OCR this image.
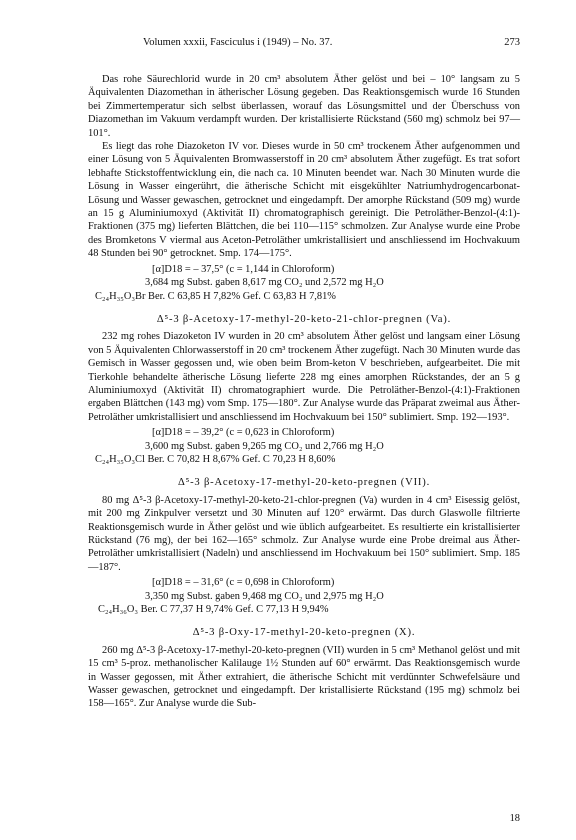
Volumen xxxii, Fasciculus i (1949) – No. 37.	273

Das rohe Säurechlorid wurde in 20 cm³ absolutem Äther gelöst und bei – 10° langsam zu 5 Äquivalenten Diazomethan in ätherischer Lösung gegeben. Das Reaktionsgemisch wurde 16 Stunden bei Zimmertemperatur sich selbst überlassen, worauf das Lösungsmittel und der Überschuss von Diazomethan im Vakuum verdampft wurden. Der kristallisierte Rückstand (560 mg) schmolz bei 97—101°.

Es liegt das rohe Diazoketon IV vor. Dieses wurde in 50 cm³ trockenem Äther aufgenommen und einer Lösung von 5 Äquivalenten Bromwasserstoff in 20 cm³ absolutem Äther zugefügt. Es trat sofort lebhafte Stickstoffentwicklung ein, die nach ca. 10 Minuten beendet war. Nach 30 Minuten wurde die Lösung in Wasser eingerührt, die ätherische Schicht mit eisgekühlter Natriumhydrogencarbonat-Lösung und Wasser gewaschen, getrocknet und eingedampft. Der amorphe Rückstand (509 mg) wurde an 15 g Aluminiumoxyd (Aktivität II) chromatographisch gereinigt. Die Petroläther-Benzol-(4:1)-Fraktionen (375 mg) lieferten Blättchen, die bei 110—115° schmolzen. Zur Analyse wurde eine Probe des Bromketons V viermal aus Aceton-Petroläther umkristallisiert und anschliessend im Hochvakuum 48 Stunden bei 90° getrocknet. Smp. 174—175°.

[α]D18 = – 37,5° (c = 1,144 in Chloroform)
3,684 mg Subst. gaben 8,617 mg CO₂ und 2,572 mg H₂O
C₂₄H₃₅O₃Br Ber. C 63,85 H 7,82% Gef. C 63,83 H 7,81%
Δ⁵-3 β-Acetoxy-17-methyl-20-keto-21-chlor-pregnen (Va).

232 mg rohes Diazoketon IV wurden in 20 cm³ absolutem Äther gelöst und langsam einer Lösung von 5 Äquivalenten Chlorwasserstoff in 20 cm³ trockenem Äther zugefügt. Nach 30 Minuten wurde das Gemisch in Wasser gegossen und, wie oben beim Brom-keton V beschrieben, aufgearbeitet. Die mit Tierkohle behandelte ätherische Lösung lieferte 228 mg eines amorphen Rückstandes, der an 5 g Aluminiumoxyd (Aktivität II) chromatographiert wurde. Die Petroläther-Benzol-(4:1)-Fraktionen ergaben Blättchen (143 mg) vom Smp. 175—180°. Zur Analyse wurde das Präparat zweimal aus Äther-Petroläther umkristallisiert und anschliessend im Hochvakuum bei 150° sublimiert. Smp. 192—193°.

[α]D18 = – 39,2° (c = 0,623 in Chloroform)
3,600 mg Subst. gaben 9,265 mg CO₂ und 2,766 mg H₂O
C₂₄H₃₅O₃Cl Ber. C 70,82 H 8,67% Gef. C 70,23 H 8,60%
Δ⁵-3 β-Acetoxy-17-methyl-20-keto-pregnen (VII).

80 mg Δ⁵-3 β-Acetoxy-17-methyl-20-keto-21-chlor-pregnen (Va) wurden in 4 cm³ Eisessig gelöst, mit 200 mg Zinkpulver versetzt und 30 Minuten auf 120° erwärmt. Das durch Glaswolle filtrierte Reaktionsgemisch wurde in Äther gelöst und wie üblich aufgearbeitet. Es resultierte ein kristallisierter Rückstand (76 mg), der bei 162—165° schmolz. Zur Analyse wurde eine Probe dreimal aus Äther-Petroläther umkristallisiert (Nadeln) und anschliessend im Hochvakuum bei 150° sublimiert. Smp. 185—187°.

[α]D18 = – 31,6° (c = 0,698 in Chloroform)
3,350 mg Subst. gaben 9,468 mg CO₂ und 2,975 mg H₂O
C₂₄H₃₆O₃ Ber. C 77,37 H 9,74% Gef. C 77,13 H 9,94%
Δ⁵-3 β-Oxy-17-methyl-20-keto-pregnen (X).

260 mg Δ⁵-3 β-Acetoxy-17-methyl-20-keto-pregnen (VII) wurden in 5 cm³ Methanol gelöst und mit 15 cm³ 5-proz. methanolischer Kalilauge 1½ Stunden auf 60° erwärmt. Das Reaktionsgemisch wurde in Wasser gegossen, mit Äther extrahiert, die ätherische Schicht mit verdünnter Schwefelsäure und Wasser gewaschen, getrocknet und eingedampft. Der kristallisierte Rückstand (195 mg) schmolz bei 158—165°. Zur Analyse wurde die Sub-

18
